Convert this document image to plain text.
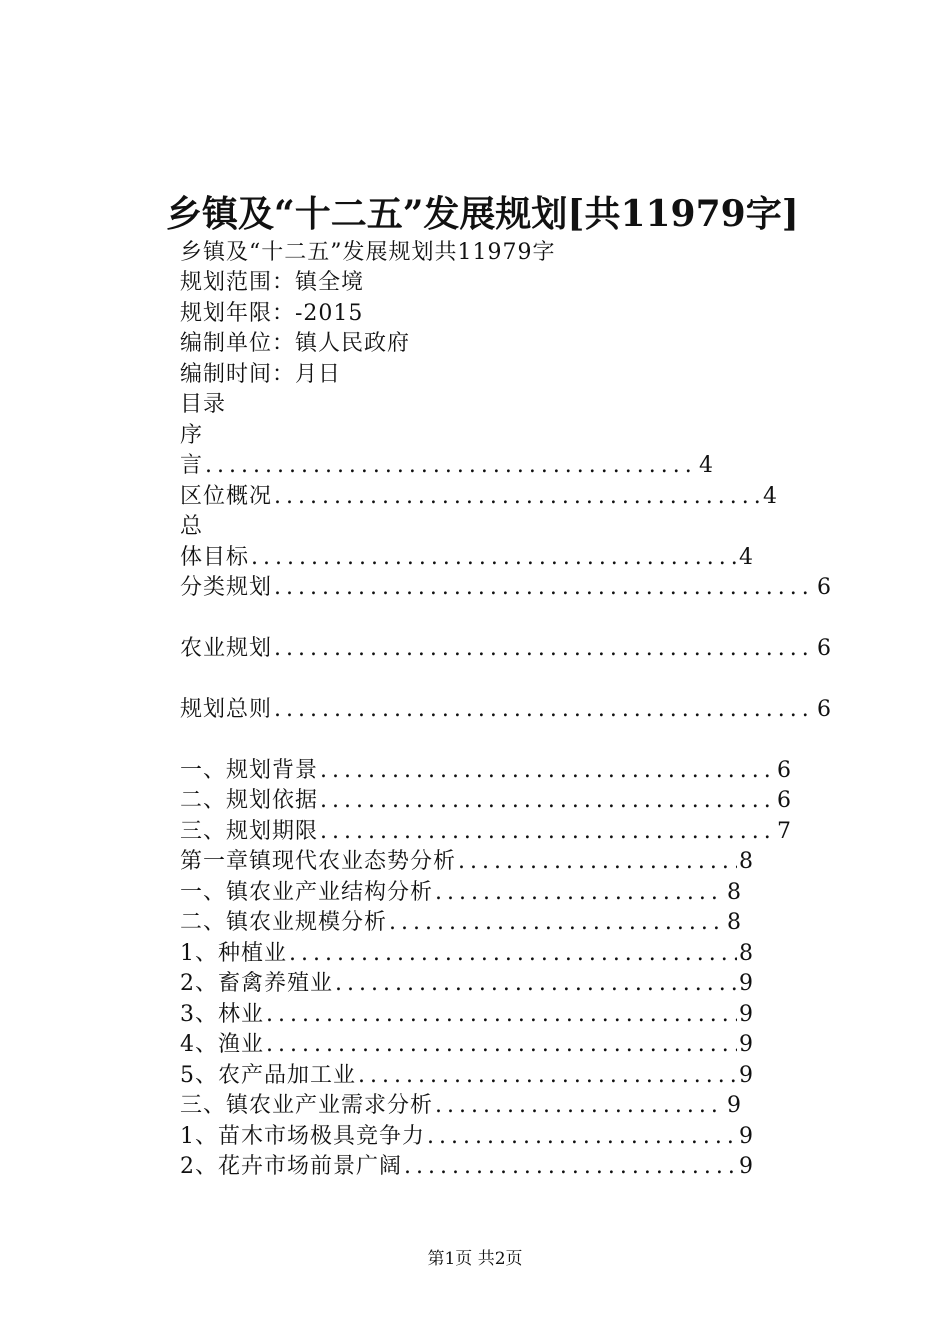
乡镇及“十二五”发展规划[共11979字]
乡镇及“十二五”发展规划共11979字
规划范围：镇全境
规划年限：-2015
编制单位：镇人民政府
编制时间：月日
目录
序
言 .....	4
区位概况 .....	4
总
体目标 .....	4
分类规划 .....	6
农业规划 .....	6
规划总则 .....	6
一、规划背景 .....	6
二、规划依据 .....	6
三、规划期限 .....	7
第一章镇现代农业态势分析 .....	8
一、镇农业产业结构分析 .....	8
二、镇农业规模分析 .....	8
1、种植业 .....	8
2、畜禽养殖业 .....	9
3、林业 .....	9
4、渔业 .....	9
5、农产品加工业 .....	9
三、镇农业产业需求分析 .....	9
1、苗木市场极具竞争力 .....	9
2、花卉市场前景广阔 .....	9
第1页 共2页
